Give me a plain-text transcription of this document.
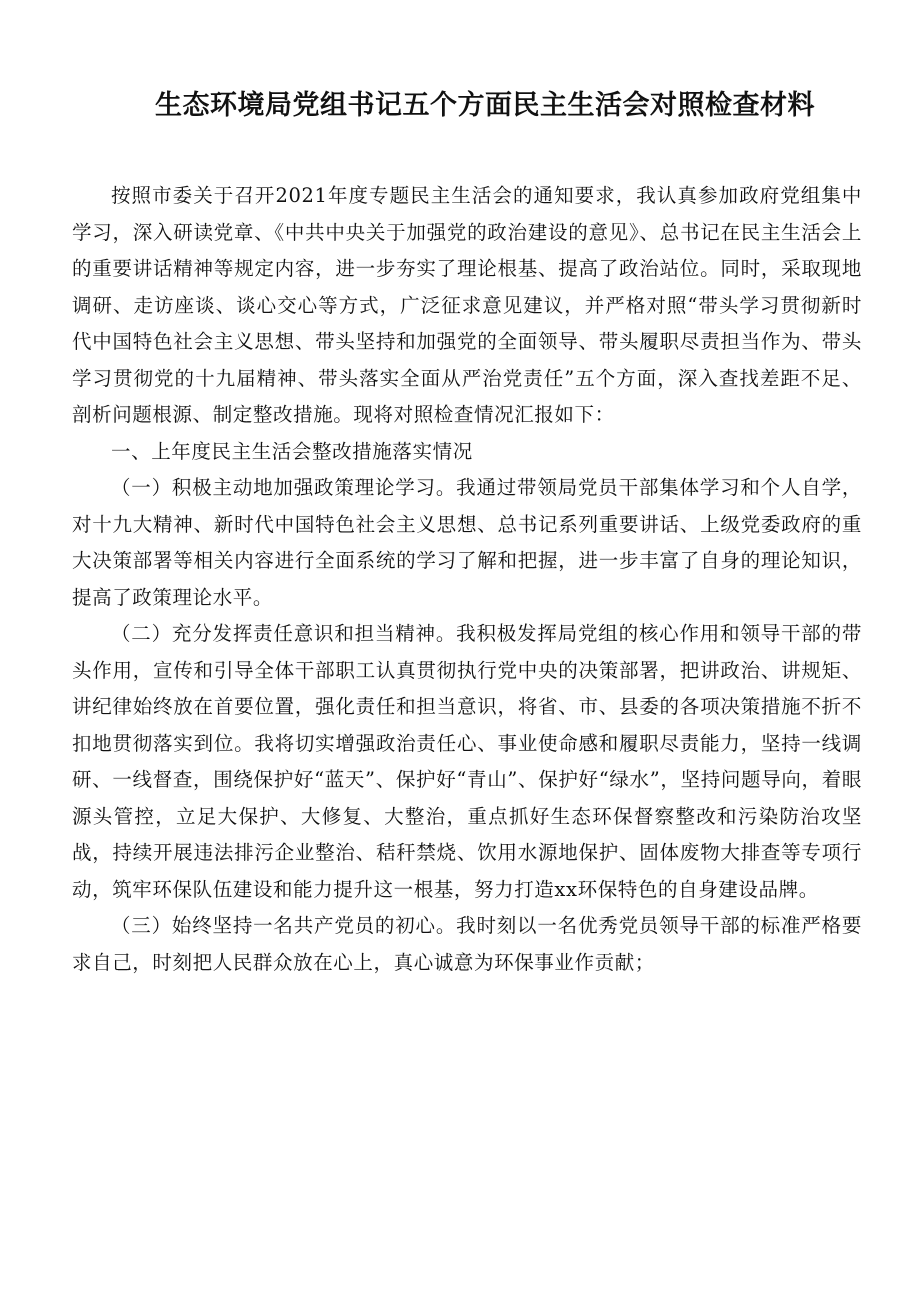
生态环境局党组书记五个方面民主生活会对照检查材料

按照市委关于召开2021年度专题民主生活会的通知要求，我认真参加政府党组集中学习，深入研读党章、《中共中央关于加强党的政治建设的意见》、总书记在民主生活会上的重要讲话精神等规定内容，进一步夯实了理论根基、提高了政治站位。同时，采取现地调研、走访座谈、谈心交心等方式，广泛征求意见建议，并严格对照“带头学习贯彻新时代中国特色社会主义思想、带头坚持和加强党的全面领导、带头履职尽责担当作为、带头学习贯彻党的十九届精神、带头落实全面从严治党责任”五个方面，深入查找差距不足、剖析问题根源、制定整改措施。现将对照检查情况汇报如下：

一、上年度民主生活会整改措施落实情况

（一）积极主动地加强政策理论学习。我通过带领局党员干部集体学习和个人自学，对十九大精神、新时代中国特色社会主义思想、总书记系列重要讲话、上级党委政府的重大决策部署等相关内容进行全面系统的学习了解和把握，进一步丰富了自身的理论知识，提高了政策理论水平。

（二）充分发挥责任意识和担当精神。我积极发挥局党组的核心作用和领导干部的带头作用，宣传和引导全体干部职工认真贯彻执行党中央的决策部署，把讲政治、讲规矩、讲纪律始终放在首要位置，强化责任和担当意识，将省、市、县委的各项决策措施不折不扣地贯彻落实到位。我将切实增强政治责任心、事业使命感和履职尽责能力，坚持一线调研、一线督查，围绕保护好“蓝天”、保护好“青山”、保护好“绿水”，坚持问题导向，着眼源头管控，立足大保护、大修复、大整治，重点抓好生态环保督察整改和污染防治攻坚战，持续开展违法排污企业整治、秸秆禁烧、饮用水源地保护、固体废物大排查等专项行动，筑牢环保队伍建设和能力提升这一根基，努力打造xx环保特色的自身建设品牌。

（三）始终坚持一名共产党员的初心。我时刻以一名优秀党员领导干部的标准严格要求自己，时刻把人民群众放在心上，真心诚意为环保事业作贡献；
